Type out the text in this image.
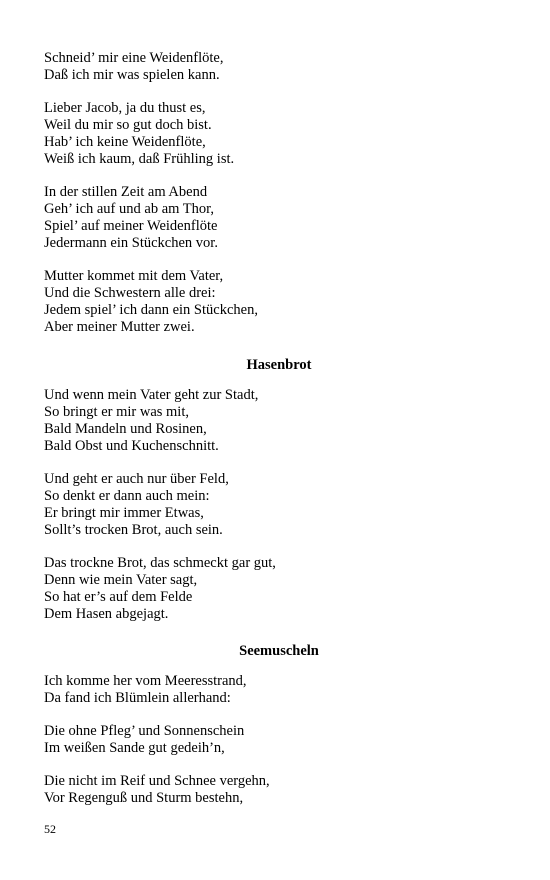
Schneid’ mir eine Weidenflöte,
Daß ich mir was spielen kann.
Lieber Jacob, ja du thust es,
Weil du mir so gut doch bist.
Hab’ ich keine Weidenflöte,
Weiß ich kaum, daß Frühling ist.
In der stillen Zeit am Abend
Geh’ ich auf und ab am Thor,
Spiel’ auf meiner Weidenflöte
Jedermann ein Stückchen vor.
Mutter kommet mit dem Vater,
Und die Schwestern alle drei:
Jedem spiel’ ich dann ein Stückchen,
Aber meiner Mutter zwei.
Hasenbrot
Und wenn mein Vater geht zur Stadt,
So bringt er mir was mit,
Bald Mandeln und Rosinen,
Bald Obst und Kuchenschnitt.
Und geht er auch nur über Feld,
So denkt er dann auch mein:
Er bringt mir immer Etwas,
Sollt’s trocken Brot, auch sein.
Das trockne Brot, das schmeckt gar gut,
Denn wie mein Vater sagt,
So hat er’s auf dem Felde
Dem Hasen abgejagt.
Seemuscheln
Ich komme her vom Meeresstrand,
Da fand ich Blümlein allerhand:
Die ohne Pfleg’ und Sonnenschein
Im weißen Sande gut gedeih’n,
Die nicht im Reif und Schnee vergehn,
Vor Regenguß und Sturm bestehn,
52
